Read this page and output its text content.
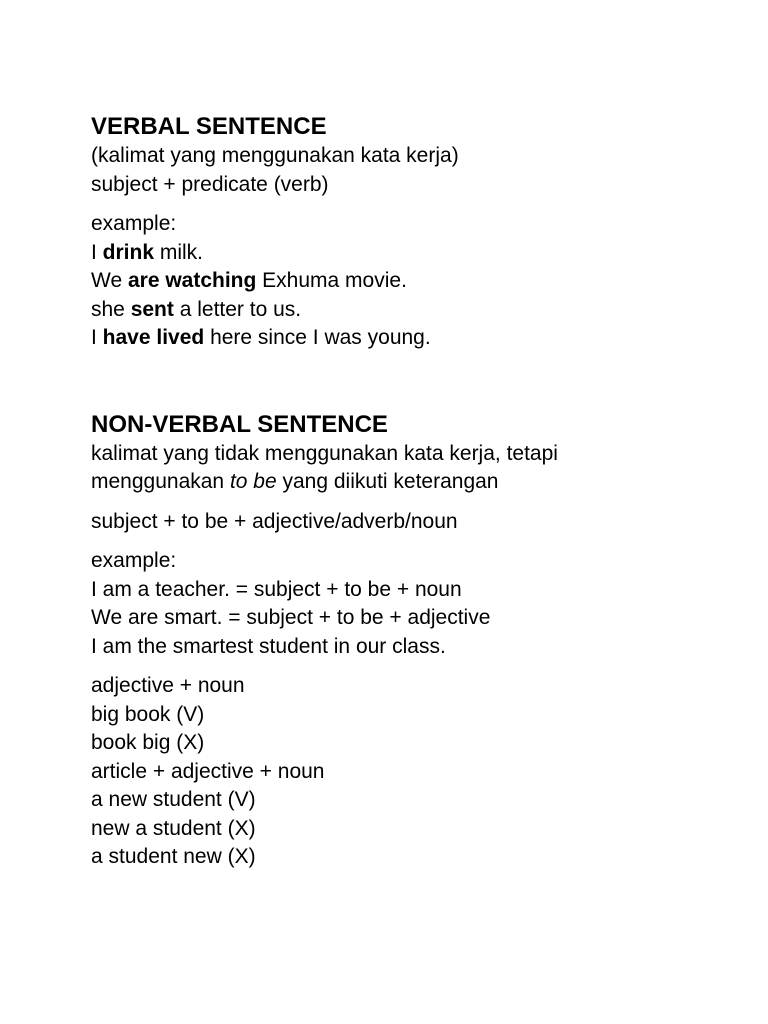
VERBAL SENTENCE

(kalimat yang menggunakan kata kerja)

subject + predicate (verb)

example:

I drink milk.

We are watching Exhuma movie.

she sent a letter to us.

I have lived here since I was young.

NON-VERBAL SENTENCE

kalimat yang tidak menggunakan kata kerja, tetapi

menggunakan to be yang diikuti keterangan

subject + to be + adjective/adverb/noun

example:

I am a teacher. = subject + to be + noun

We are smart. = subject + to be + adjective

I am the smartest student in our class.

adjective + noun

big book (V)

book big (X)

article + adjective + noun

a new student (V)

new a student (X)

a student new (X)
